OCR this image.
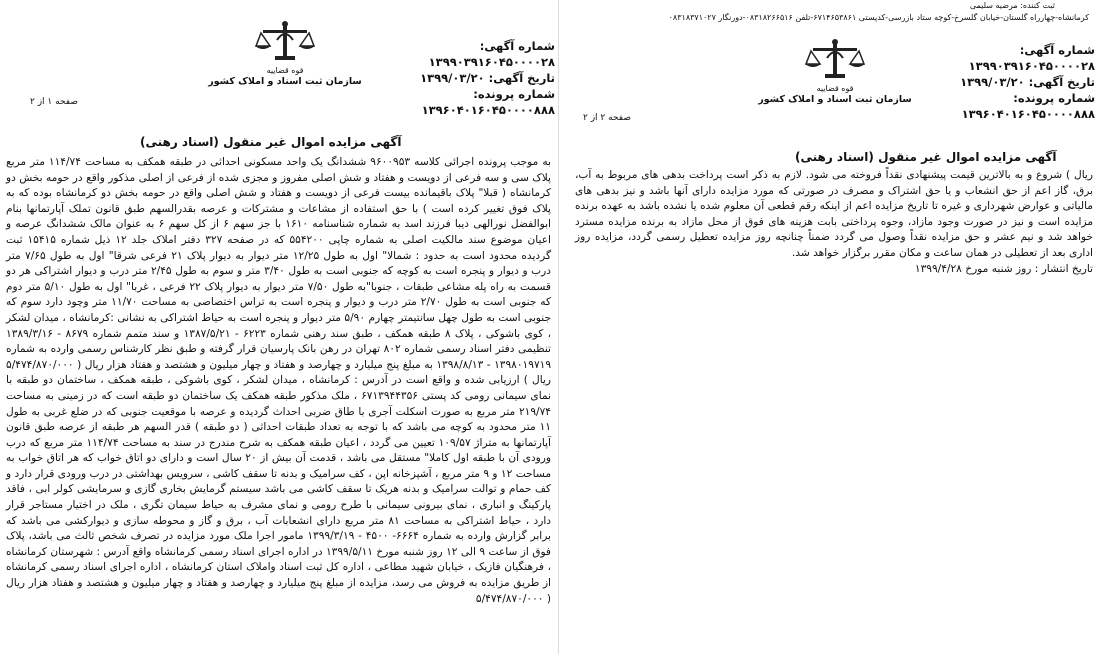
ثبت کننده: مرضیه سلیمی
کرمانشاه-چهارراه گلستان-خیابان گلسرخ-کوچه ستاد بازرسی-کدپستی ۶۷۱۴۶۵۳۸۶۱-تلفن ۰۸۳۱۸۲۶۶۵۱۶-دورنگار ۰۸۳۱۸۳۷۱۰۲۷
شماره آگهی: ۱۳۹۹۰۳۹۱۶۰۴۵۰۰۰۰۲۸
تاریخ آگهی: ۱۳۹۹/۰۳/۲۰
شماره پرونده: ۱۳۹۶۰۴۰۱۶۰۴۵۰۰۰۰۸۸۸
قوه قضاییه
سازمان ثبت اسناد و املاک کشور
صفحه ۱ از ۲
آگهی مزایده اموال غیر منقول (اسناد رهنی)
به موجب پرونده اجرائی کلاسه ۹۶۰۰۹۵۳ ششدانگ یک واحد مسکونی احداثی در طبقه همکف به مساحت ۱۱۴/۷۴ متر مربع پلاک سی و سه فرعی از دویست و هفتاد و شش اصلی مفروز و مجزی شده از فرعی از اصلی مذکور واقع در حومه بخش دو کرمانشاه ( قبلا" پلاک باقیمانده بیست فرعی از دویست و هفتاد و شش اصلی واقع در حومه بخش دو کرمانشاه بوده که به پلاک فوق تغییر کرده است ) با حق استفاده از مشاعات و مشترکات و عرصه بقدرالسهم طبق قانون تملک آپارتمانها بنام ابوالفضل نورالهی دیبا فرزند اسد به شماره شناسنامه ۱۶۱۰ با جز سهم ۶ از کل سهم ۶ به عنوان مالک ششدانگ عرصه و اعیان موضوع سند مالکیت اصلی به شماره چاپی ۵۵۴۲۰۰ که در صفحه ۳۲۷ دفتر املاک جلد ۱۲ ذیل شماره ۱۵۴۱۵ ثبت گردیده محدود است به حدود : شمالا" اول به طول ۱۲/۲۵ متر دیوار به دیوار پلاک ۲۱ فرعی شرقا" اول به طول ۷/۶۵ متر درب و دیوار و پنجره است به کوچه که جنوبی است به طول ۳/۴۰ متر و سوم به طول ۲/۴۵ متر درب و دیوار اشتراکی هر دو قسمت به راه پله مشاعی طبقات ، جنوبا"به طول ۷/۵۰ متر دیوار به دیوار پلاک ۲۲ فرعی ، غربا" اول به طول ۵/۱۰ متر دوم که جنوبی است به طول ۲/۷۰ متر درب و دیوار و پنجره است به تراس اختصاصی به مساحت ۱۱/۷۰ متر وچود دارد سوم که جنوبی است به طول چهل سانتیمتر چهارم ۵/۹۰ متر دیوار و پنجره است به حیاط اشتراکی به نشانی :کرمانشاه ، میدان لشکر ، کوی باشوکی ، پلاک ۸ طبقه همکف ، طبق سند رهنی شماره ۶۲۲۳ - ۱۳۸۷/۵/۲۱ و سند متمم شماره ۸۶۷۹ - ۱۳۸۹/۳/۱۶ تنظیمی دفتر اسناد رسمی شماره ۸۰۲ تهران در رهن بانک پارسیان قرار گرفته و طبق نظر کارشناس رسمی وارده به شماره ۱۳۹۸۰۱۹۷۱۹ - ۱۳۹۸/۸/۱۳ به مبلغ پنج میلیارد و چهارصد و هفتاد و چهار میلیون و هشتصد و هفتاد هزار ریال ( ۵/۴۷۴/۸۷۰/۰۰۰ ریال ) ارزیابی شده و واقع است در آدرس : کرمانشاه ، میدان لشکر ، کوی باشوکی ، طبقه همکف ، ساختمان دو طبقه با نمای سیمانی رومی کد پستی ۶۷۱۳۹۴۴۳۵۶ ، ملک مذکور طبقه همکف یک ساختمان دو طبقه است که در زمینی به مساحت ۲۱۹/۷۴ متر مربع به صورت اسکلت آجری با طاق ضربی احداث گردیده و عرصه با موقعیت جنوبی که در ضلع غربی به طول ۱۱ متر محدود به کوچه می باشد که با توجه به تعداد طبقات احداثی ( دو طبقه ) قدر السهم هر طبقه از عرصه طبق قانون آپارتمانها به متراژ ۱۰۹/۵۷ تعیین می گردد ، اعیان طبقه همکف به شرح مندرج در سند به مساحت ۱۱۴/۷۴ متر مربع که درب ورودی آن با طبقه اول کاملا" مستقل می باشد ، قدمت آن بیش از ۲۰ سال است و دارای دو اتاق خواب که هر اتاق خواب به مساحت ۱۲ و ۹ متر مربع ، آشپزخانه اپن ، کف سرامیک و بدنه تا سقف کاشی ، سرویس بهداشتی در درب ورودی قرار دارد و کف حمام و توالت سرامیک و بدنه هریک تا سقف کاشی می باشد سیستم گرمایش بخاری گازی و سرمایشی کولر ابی ، فاقد پارکینگ و انباری ، نمای بیرونی سیمانی با طرح رومی و نمای مشرف به حیاط سیمان تگری ، ملک در اختیار مستاجر قرار دارد ، حیاط اشتراکی به مساحت ۸۱ متر مربع دارای انشعابات آب ، برق و گاز و محوطه سازی و دیوارکشی می باشد که برابر گزارش وارده به شماره ۶۶۶۴- ۴۵۰۰ - ۱۳۹۹/۳/۱۹ مامور اجرا ملک مورد مزایده در تصرف شخص ثالث می باشد، پلاک فوق از ساعت ۹ الی ۱۲ روز شنبه مورخ ۱۳۹۹/۵/۱۱ در اداره اجرای اسناد رسمی کرمانشاه واقع آدرس : شهرستان کرمانشاه ، فرهنگیان فازیک ، خیابان شهید مطاعی ، اداره کل ثبت اسناد واملاک استان کرمانشاه ، اداره اجرای اسناد رسمی کرمانشاه از طریق مزایده به فروش می رسد، مزایده از مبلغ پنج میلیارد و چهارصد و هفتاد و چهار میلیون و هشتصد و هفتاد هزار ریال ( ۵/۴۷۴/۸۷۰/۰۰۰
شماره آگهی: ۱۳۹۹۰۳۹۱۶۰۴۵۰۰۰۰۲۸
تاریخ آگهی: ۱۳۹۹/۰۳/۲۰
شماره پرونده: ۱۳۹۶۰۴۰۱۶۰۴۵۰۰۰۰۸۸۸
قوه قضاییه
سازمان ثبت اسناد و املاک کشور
صفحه ۲ از ۲
آگهی مزایده اموال غیر منقول (اسناد رهنی)
ریال ) شروع و به بالاترین قیمت پیشنهادی نقداً فروخته می شود. لازم به ذکر است پرداخت بدهی های مربوط به آب، برق، گاز اعم از حق انشعاب و یا حق اشتراک و مصرف در صورتی که مورد مزایده دارای آنها باشد و نیز بدهی های مالیاتی و عوارض شهرداری و غیره تا تاریخ مزایده اعم از اینکه رقم قطعی آن معلوم شده یا نشده باشد به عهده برنده مزایده است و نیز در صورت وجود مازاد، وجوه پرداختی بابت هزینه های فوق از محل مازاد به برنده مزایده مسترد خواهد شد و نیم عشر و حق مزایده نقداً وصول می گردد ضمناً چنانچه روز مزایده تعطیل رسمی گردد، مزایده روز اداری بعد از تعطیلی در همان ساعت و مکان مقرر برگزار خواهد شد.
تاریخ انتشار : روز شنبه مورخ ۱۳۹۹/۴/۲۸
